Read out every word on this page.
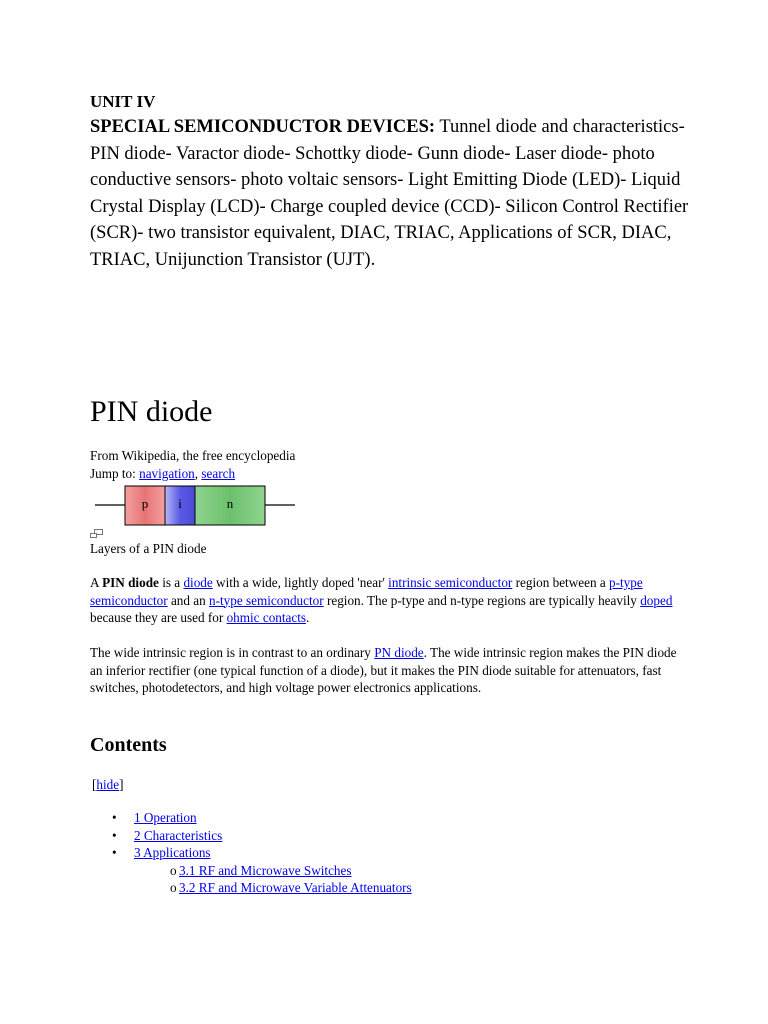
UNIT IV
SPECIAL SEMICONDUCTOR DEVICES: Tunnel diode and characteristics- PIN diode- Varactor diode- Schottky diode- Gunn diode- Laser diode- photo conductive sensors- photo voltaic sensors- Light Emitting Diode (LED)- Liquid Crystal Display (LCD)- Charge coupled device (CCD)- Silicon Control Rectifier (SCR)- two transistor equivalent, DIAC, TRIAC, Applications of SCR, DIAC, TRIAC, Unijunction Transistor (UJT).
PIN diode
From Wikipedia, the free encyclopedia
Jump to: navigation, search
p i	n
Layers of a PIN diode
A PIN diode is a diode with a wide, lightly doped 'near' intrinsic semiconductor region between a p-type semiconductor and an n-type semiconductor region. The p-type and n-type regions are typically heavily doped because they are used for ohmic contacts.
The wide intrinsic region is in contrast to an ordinary PN diode. The wide intrinsic region makes the PIN diode an inferior rectifier (one typical function of a diode), but it makes the PIN diode suitable for attenuators, fast switches, photodetectors, and high voltage power electronics applications.
Contents
[hide]
• 1 Operation
• 2 Characteristics
• 3 Applications
o 3.1 RF and Microwave Switches
o 3.2 RF and Microwave Variable Attenuators
